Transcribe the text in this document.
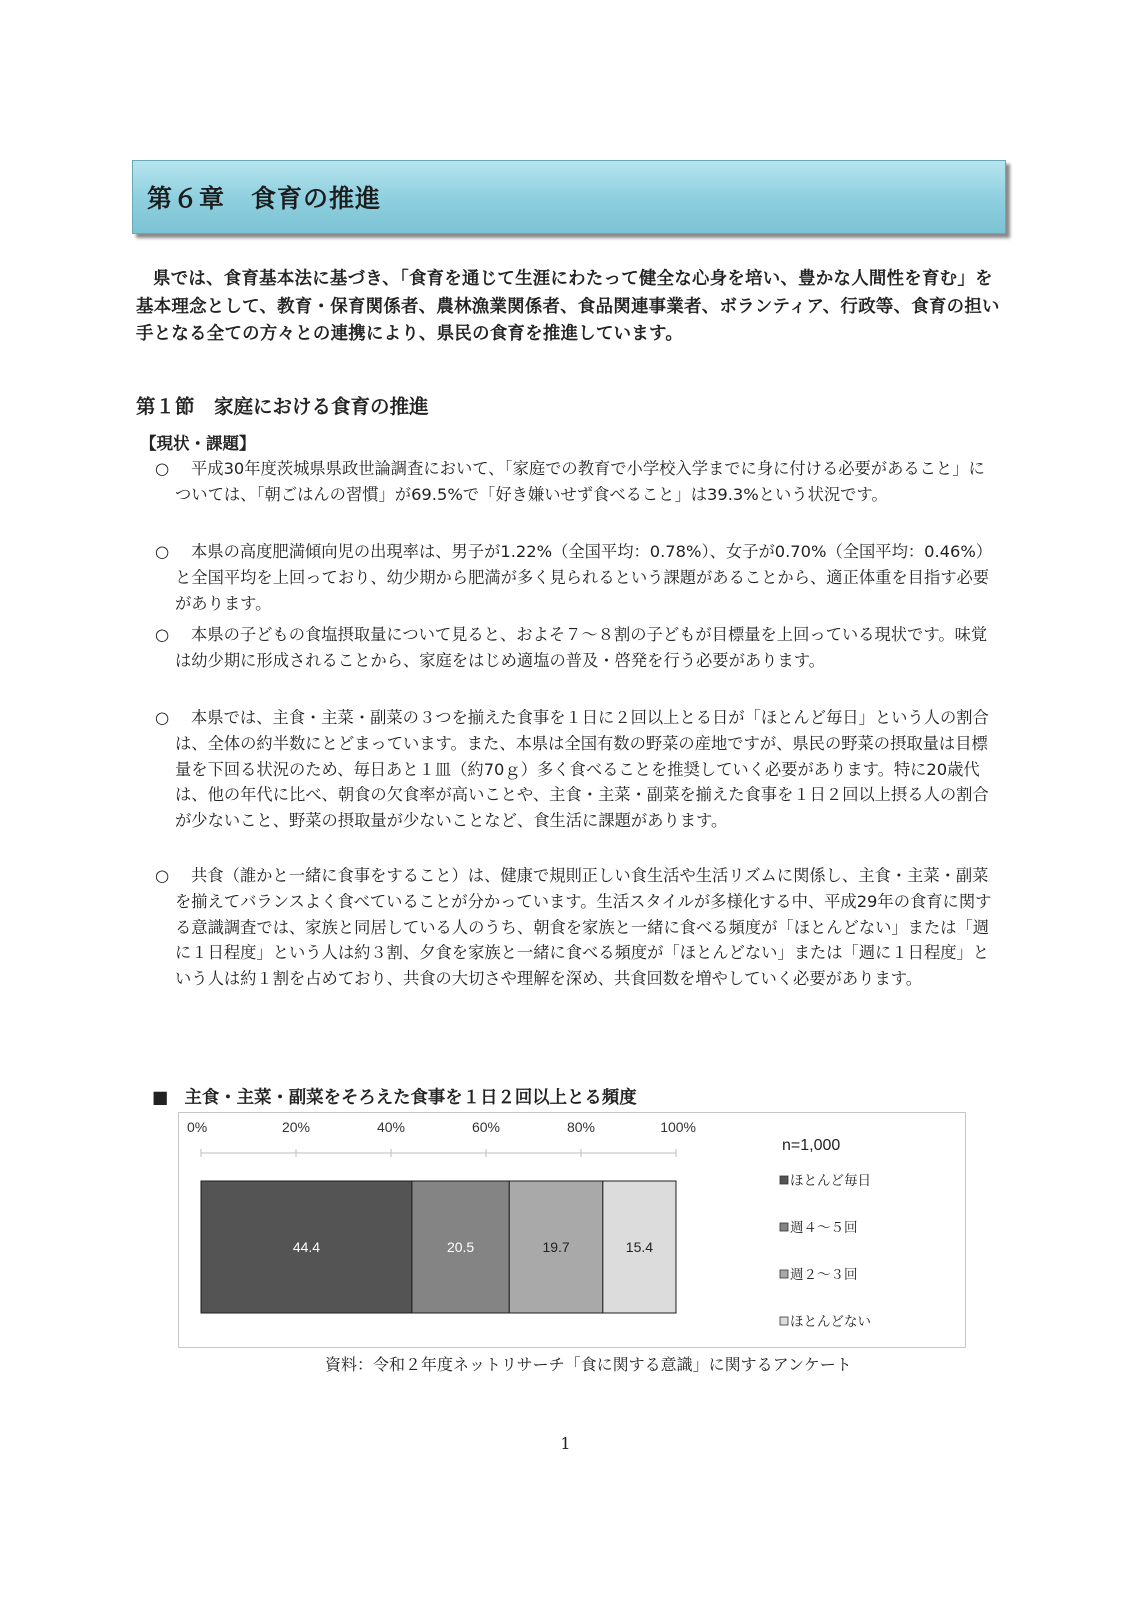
第６章　食育の推進

県では、食育基本法に基づき、「食育を通じて生涯にわたって健全な心身を培い、豊かな人間性を育む」を基本理念として、教育・保育関係者、農林漁業関係者、食品関連事業者、ボランティア、行政等、食育の担い手となる全ての方々との連携により、県民の食育を推進しています。

第１節　家庭における食育の推進
【現状・課題】
○	平成30年度茨城県県政世論調査において、「家庭での教育で小学校入学までに身に付ける必要があること」については、「朝ごはんの習慣」が69.5%で「好き嫌いせず食べること」は39.3%という状況です。
○	本県の高度肥満傾向児の出現率は、男子が1.22%（全国平均：0.78%）、女子が0.70%（全国平均：0.46%）と全国平均を上回っており、幼少期から肥満が多く見られるという課題があることから、適正体重を目指す必要があります。
○	本県の子どもの食塩摂取量について見ると、およそ７～８割の子どもが目標量を上回っている現状です。味覚は幼少期に形成されることから、家庭をはじめ適塩の普及・啓発を行う必要があります。
○	本県では、主食・主菜・副菜の３つを揃えた食事を１日に２回以上とる日が「ほとんど毎日」という人の割合は、全体の約半数にとどまっています。また、本県は全国有数の野菜の産地ですが、県民の野菜の摂取量は目標量を下回る状況のため、毎日あと１皿（約70ｇ）多く食べることを推奨していく必要があります。特に20歳代は、他の年代に比べ、朝食の欠食率が高いことや、主食・主菜・副菜を揃えた食事を１日２回以上摂る人の割合が少ないこと、野菜の摂取量が少ないことなど、食生活に課題があります。
○	共食（誰かと一緒に食事をすること）は、健康で規則正しい食生活や生活リズムに関係し、主食・主菜・副菜を揃えてバランスよく食べていることが分かっています。生活スタイルが多様化する中、平成29年の食育に関する意識調査では、家族と同居している人のうち、朝食を家族と一緒に食べる頻度が「ほとんどない」または「週に１日程度」という人は約３割、夕食を家族と一緒に食べる頻度が「ほとんどない」または「週に１日程度」という人は約１割を占めており、共食の大切さや理解を深め、共食回数を増やしていく必要があります。
■ 主食・主菜・副菜をそろえた食事を１日２回以上とる頻度
0%	20%	40%	60%	80%	100%
44.4	20.5	19.7	15.4
n=1,000
ほとんど毎日
週４～５回
週２～３回
ほとんどない
資料：令和２年度ネットリサーチ「食に関する意識」に関するアンケート
1
